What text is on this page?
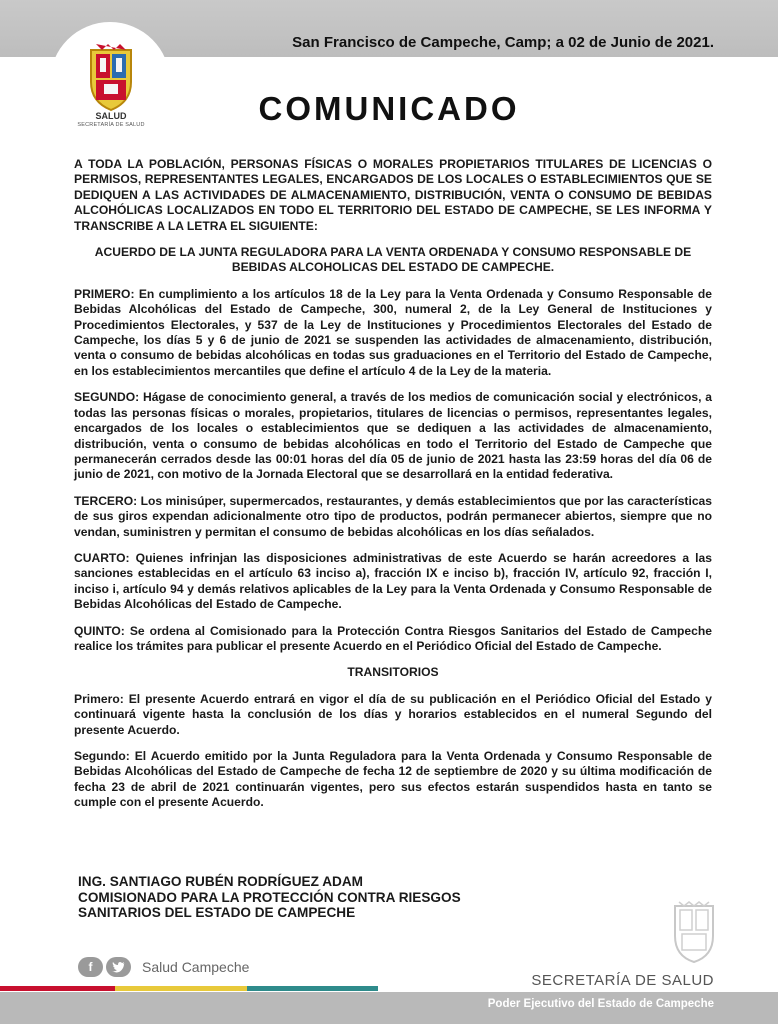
San Francisco de Campeche, Camp; a 02 de Junio de 2021.
SALUD
SECRETARÍA DE SALUD	COMUNICADO

A TODA LA POBLACIÓN, PERSONAS FÍSICAS O MORALES PROPIETARIOS TITULARES DE LICENCIAS O PERMISOS, REPRESENTANTES LEGALES, ENCARGADOS DE LOS LOCALES O ESTABLECIMIENTOS QUE SE DEDIQUEN A LAS ACTIVIDADES DE ALMACENAMIENTO, DISTRIBUCIÓN, VENTA O CONSUMO DE BEBIDAS ALCOHÓLICAS LOCALIZADOS EN TODO EL TERRITORIO DEL ESTADO DE CAMPECHE, SE LES INFORMA Y TRANSCRIBE A LA LETRA EL SIGUIENTE:

ACUERDO DE LA JUNTA REGULADORA PARA LA VENTA ORDENADA Y CONSUMO RESPONSABLE DE BEBIDAS ALCOHOLICAS DEL ESTADO DE CAMPECHE.

PRIMERO: En cumplimiento a los artículos 18 de la Ley para la Venta Ordenada y Consumo Responsable de Bebidas Alcohólicas del Estado de Campeche, 300, numeral 2, de la Ley General de Instituciones y Procedimientos Electorales, y 537 de la Ley de Instituciones y Procedimientos Electorales del Estado de Campeche, los días 5 y 6 de junio de 2021 se suspenden las actividades de almacenamiento, distribución, venta o consumo de bebidas alcohólicas en todas sus graduaciones en el Territorio del Estado de Campeche, en los establecimientos mercantiles que define el artículo 4 de la Ley de la materia.

SEGUNDO: Hágase de conocimiento general, a través de los medios de comunicación social y electrónicos, a todas las personas físicas o morales, propietarios, titulares de licencias o permisos, representantes legales, encargados de los locales o establecimientos que se dediquen a las actividades de almacenamiento, distribución, venta o consumo de bebidas alcohólicas en todo el Territorio del Estado de Campeche que permanecerán cerrados desde las 00:01 horas del día 05 de junio de 2021 hasta las 23:59 horas del día 06 de junio de 2021, con motivo de la Jornada Electoral que se desarrollará en la entidad federativa.

TERCERO: Los minisúper, supermercados, restaurantes, y demás establecimientos que por las características de sus giros expendan adicionalmente otro tipo de productos, podrán permanecer abiertos, siempre que no vendan, suministren y permitan el consumo de bebidas alcohólicas en los días señalados.

CUARTO: Quienes infrinjan las disposiciones administrativas de este Acuerdo se harán acreedores a las sanciones establecidas en el artículo 63 inciso a), fracción IX e inciso b), fracción IV, artículo 92, fracción I, inciso i, artículo 94 y demás relativos aplicables de la Ley para la Venta Ordenada y Consumo Responsable de Bebidas Alcohólicas del Estado de Campeche.

QUINTO: Se ordena al Comisionado para la Protección Contra Riesgos Sanitarios del Estado de Campeche realice los trámites para publicar el presente Acuerdo en el Periódico Oficial del Estado de Campeche.

TRANSITORIOS

Primero: El presente Acuerdo entrará en vigor el día de su publicación en el Periódico Oficial del Estado y continuará vigente hasta la conclusión de los días y horarios establecidos en el numeral Segundo del presente Acuerdo.

Segundo: El Acuerdo emitido por la Junta Reguladora para la Venta Ordenada y Consumo Responsable de Bebidas Alcohólicas del Estado de Campeche de fecha 12 de septiembre de 2020 y su última modificación de fecha 23 de abril de 2021 continuarán vigentes, pero sus efectos estarán suspendidos hasta en tanto se cumple con el presente Acuerdo.

ING. SANTIAGO RUBÉN RODRÍGUEZ ADAM
COMISIONADO PARA LA PROTECCIÓN CONTRA RIESGOS
SANITARIOS DEL ESTADO DE CAMPECHE
f	Salud Campeche
SECRETARÍA DE SALUD
Poder Ejecutivo del Estado de Campeche
